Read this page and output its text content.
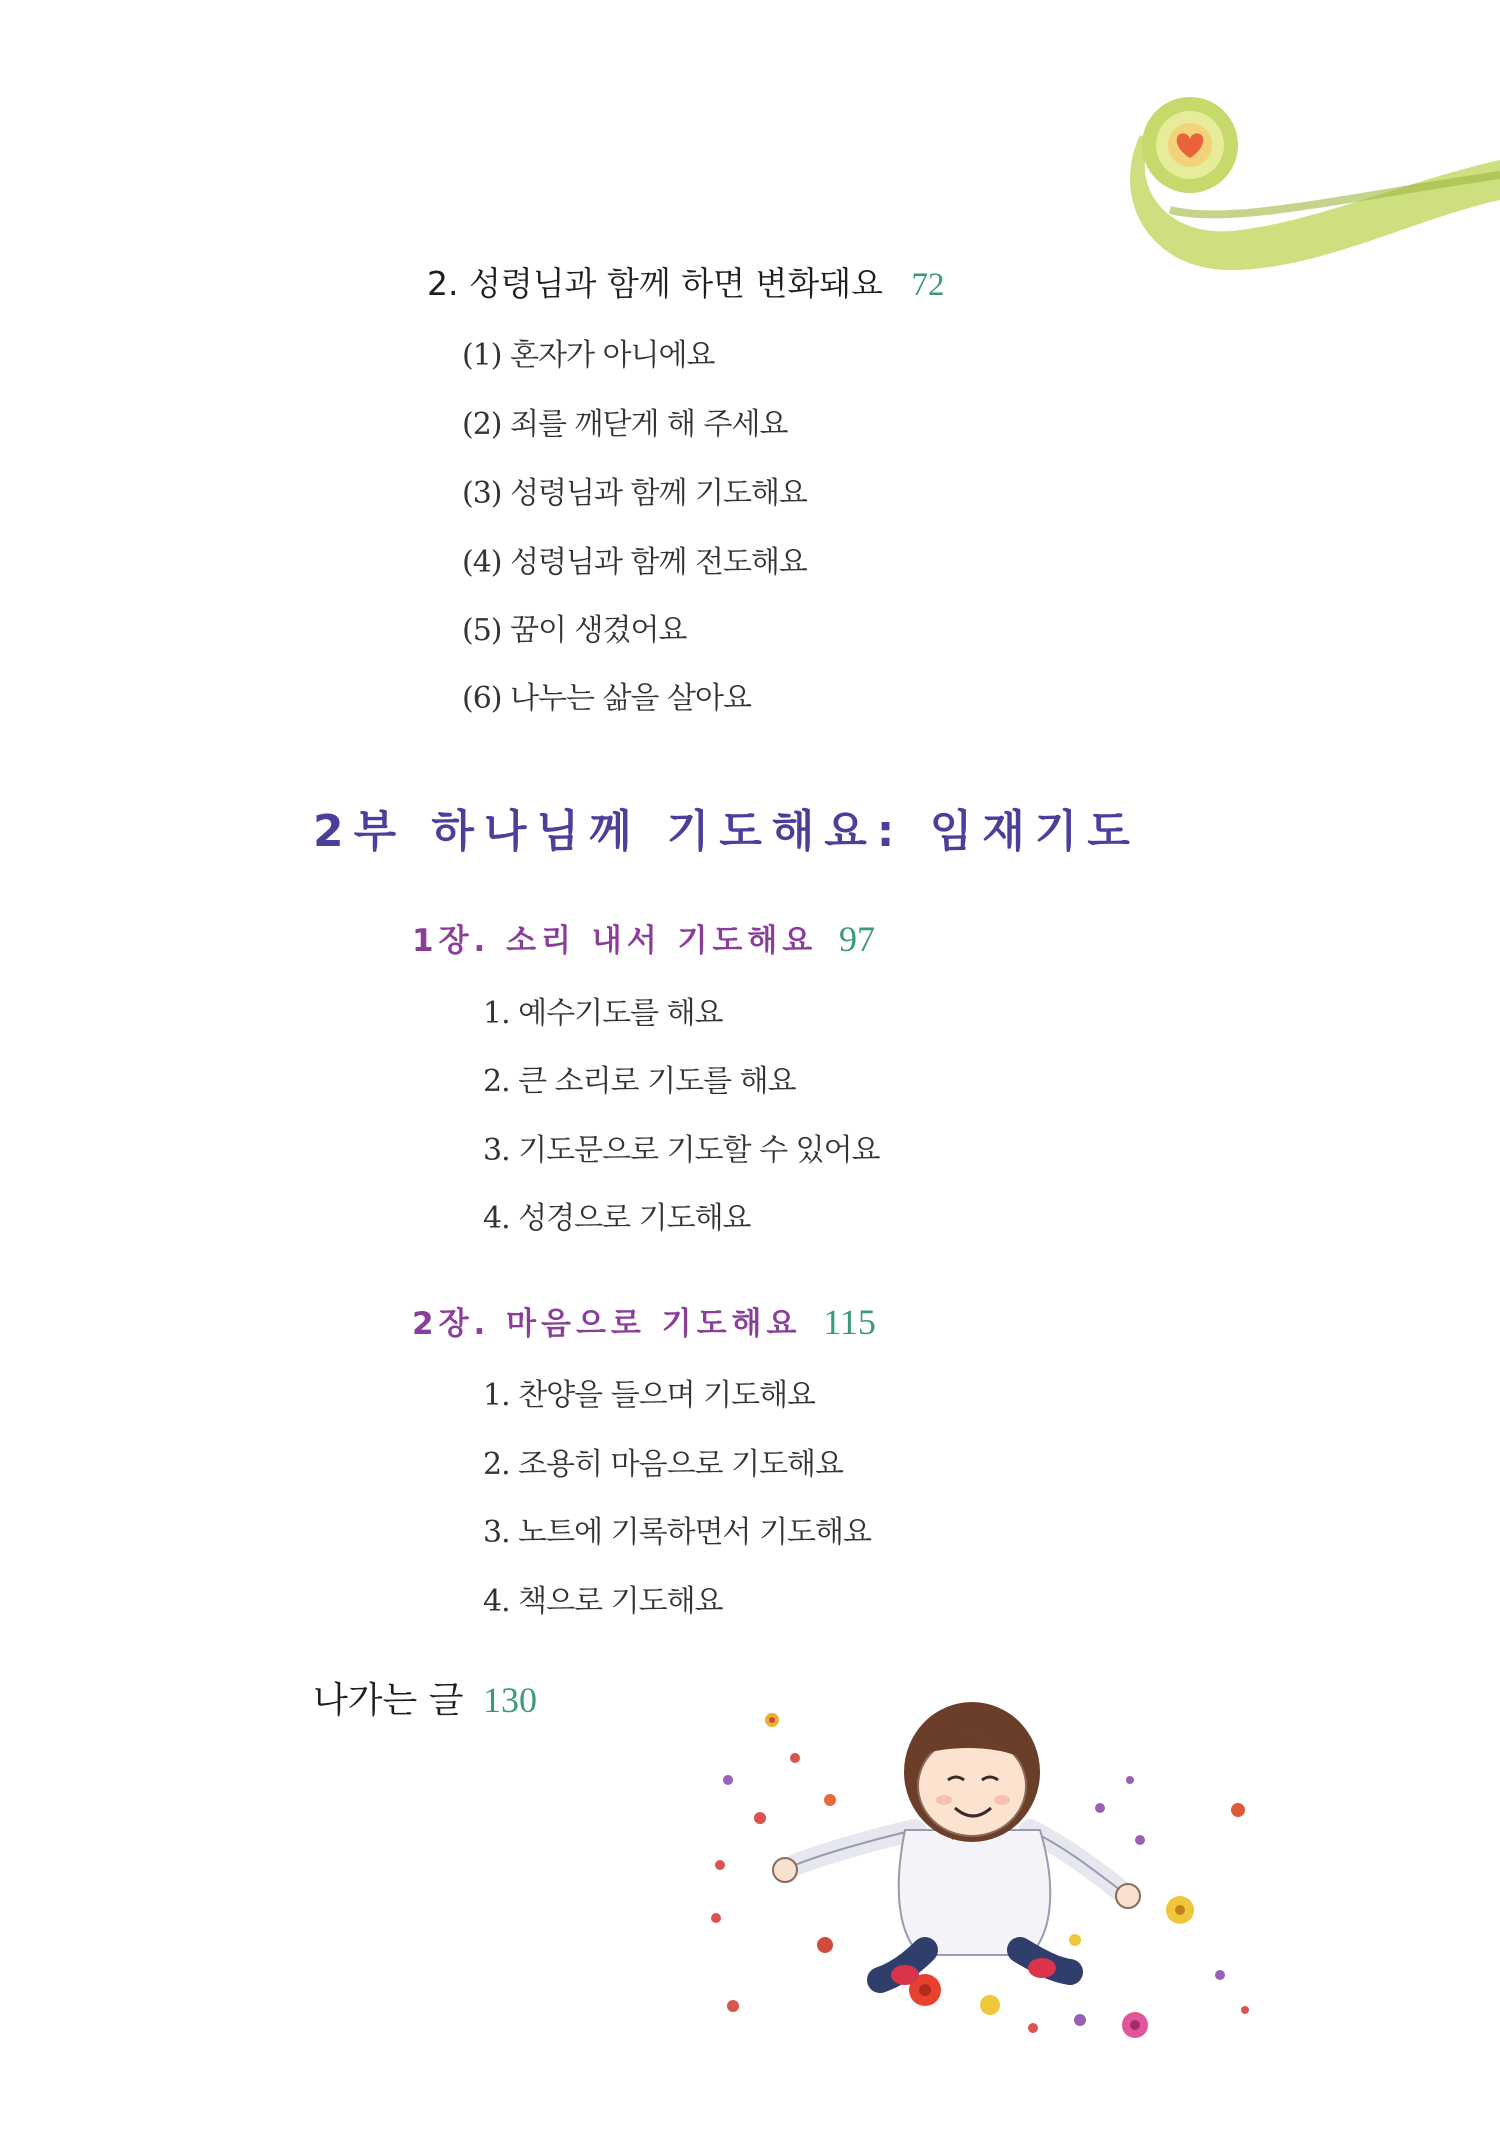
2. 성령님과 함께 하면 변화돼요 72
(1) 혼자가 아니에요
(2) 죄를 깨닫게 해 주세요
(3) 성령님과 함께 기도해요
(4) 성령님과 함께 전도해요
(5) 꿈이 생겼어요
(6) 나누는 삶을 살아요
2부 하나님께 기도해요: 임재기도
1장. 소리 내서 기도해요 97
1. 예수기도를 해요
2. 큰 소리로 기도를 해요
3. 기도문으로 기도할 수 있어요
4. 성경으로 기도해요
2장. 마음으로 기도해요 115
1. 찬양을 들으며 기도해요
2. 조용히 마음으로 기도해요
3. 노트에 기록하면서 기도해요
4. 책으로 기도해요
나가는 글 130
